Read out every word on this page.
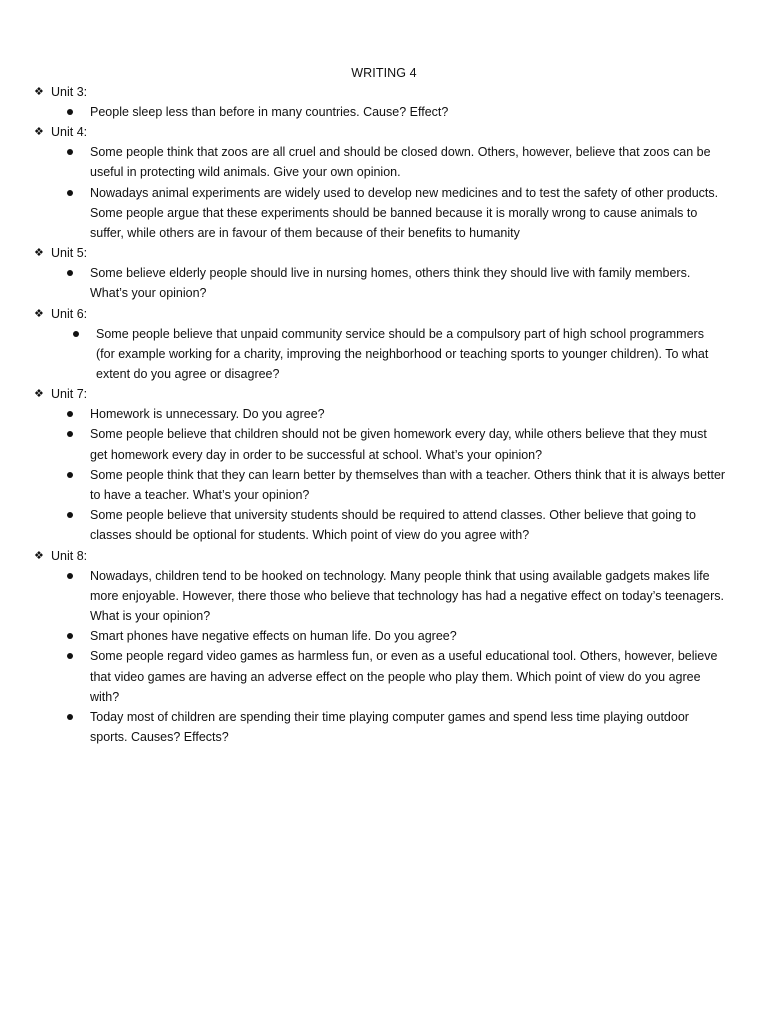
WRITING 4
❖ Unit 3:
People sleep less than before in many countries. Cause? Effect?
❖ Unit 4:
Some people think that zoos are all cruel and should be closed down. Others, however, believe that zoos can be useful in protecting wild animals. Give your own opinion.
Nowadays animal experiments are widely used to develop new medicines and to test the safety of other products. Some people argue that these experiments should be banned because it is morally wrong to cause animals to suffer, while others are in favour of them because of their benefits to humanity
❖ Unit 5:
Some believe elderly people should live in nursing homes, others think they should live with family members. What’s your opinion?
❖ Unit 6:
Some people believe that unpaid community service should be a compulsory part of high school programmers (for example working for a charity, improving the neighborhood or teaching sports to younger children). To what extent do you agree or disagree?
❖ Unit 7:
Homework is unnecessary. Do you agree?
Some people believe that children should not be given homework every day, while others believe that they must get homework every day in order to be successful at school. What’s your opinion?
Some people think that they can learn better by themselves than with a teacher. Others think that it is always better to have a teacher. What’s your opinion?
Some people believe that university students should be required to attend classes. Other believe that going to classes should be optional for students. Which point of view do you agree with?
❖ Unit 8:
Nowadays, children tend to be hooked on technology. Many people think that using available gadgets makes life more enjoyable. However, there those who believe that technology has had a negative effect on today’s teenagers. What is your opinion?
Smart phones have negative effects on human life. Do you agree?
Some people regard video games as harmless fun, or even as a useful educational tool. Others, however, believe that video games are having an adverse effect on the people who play them. Which point of view do you agree with?
Today most of children are spending their time playing computer games and spend less time playing outdoor sports. Causes? Effects?
